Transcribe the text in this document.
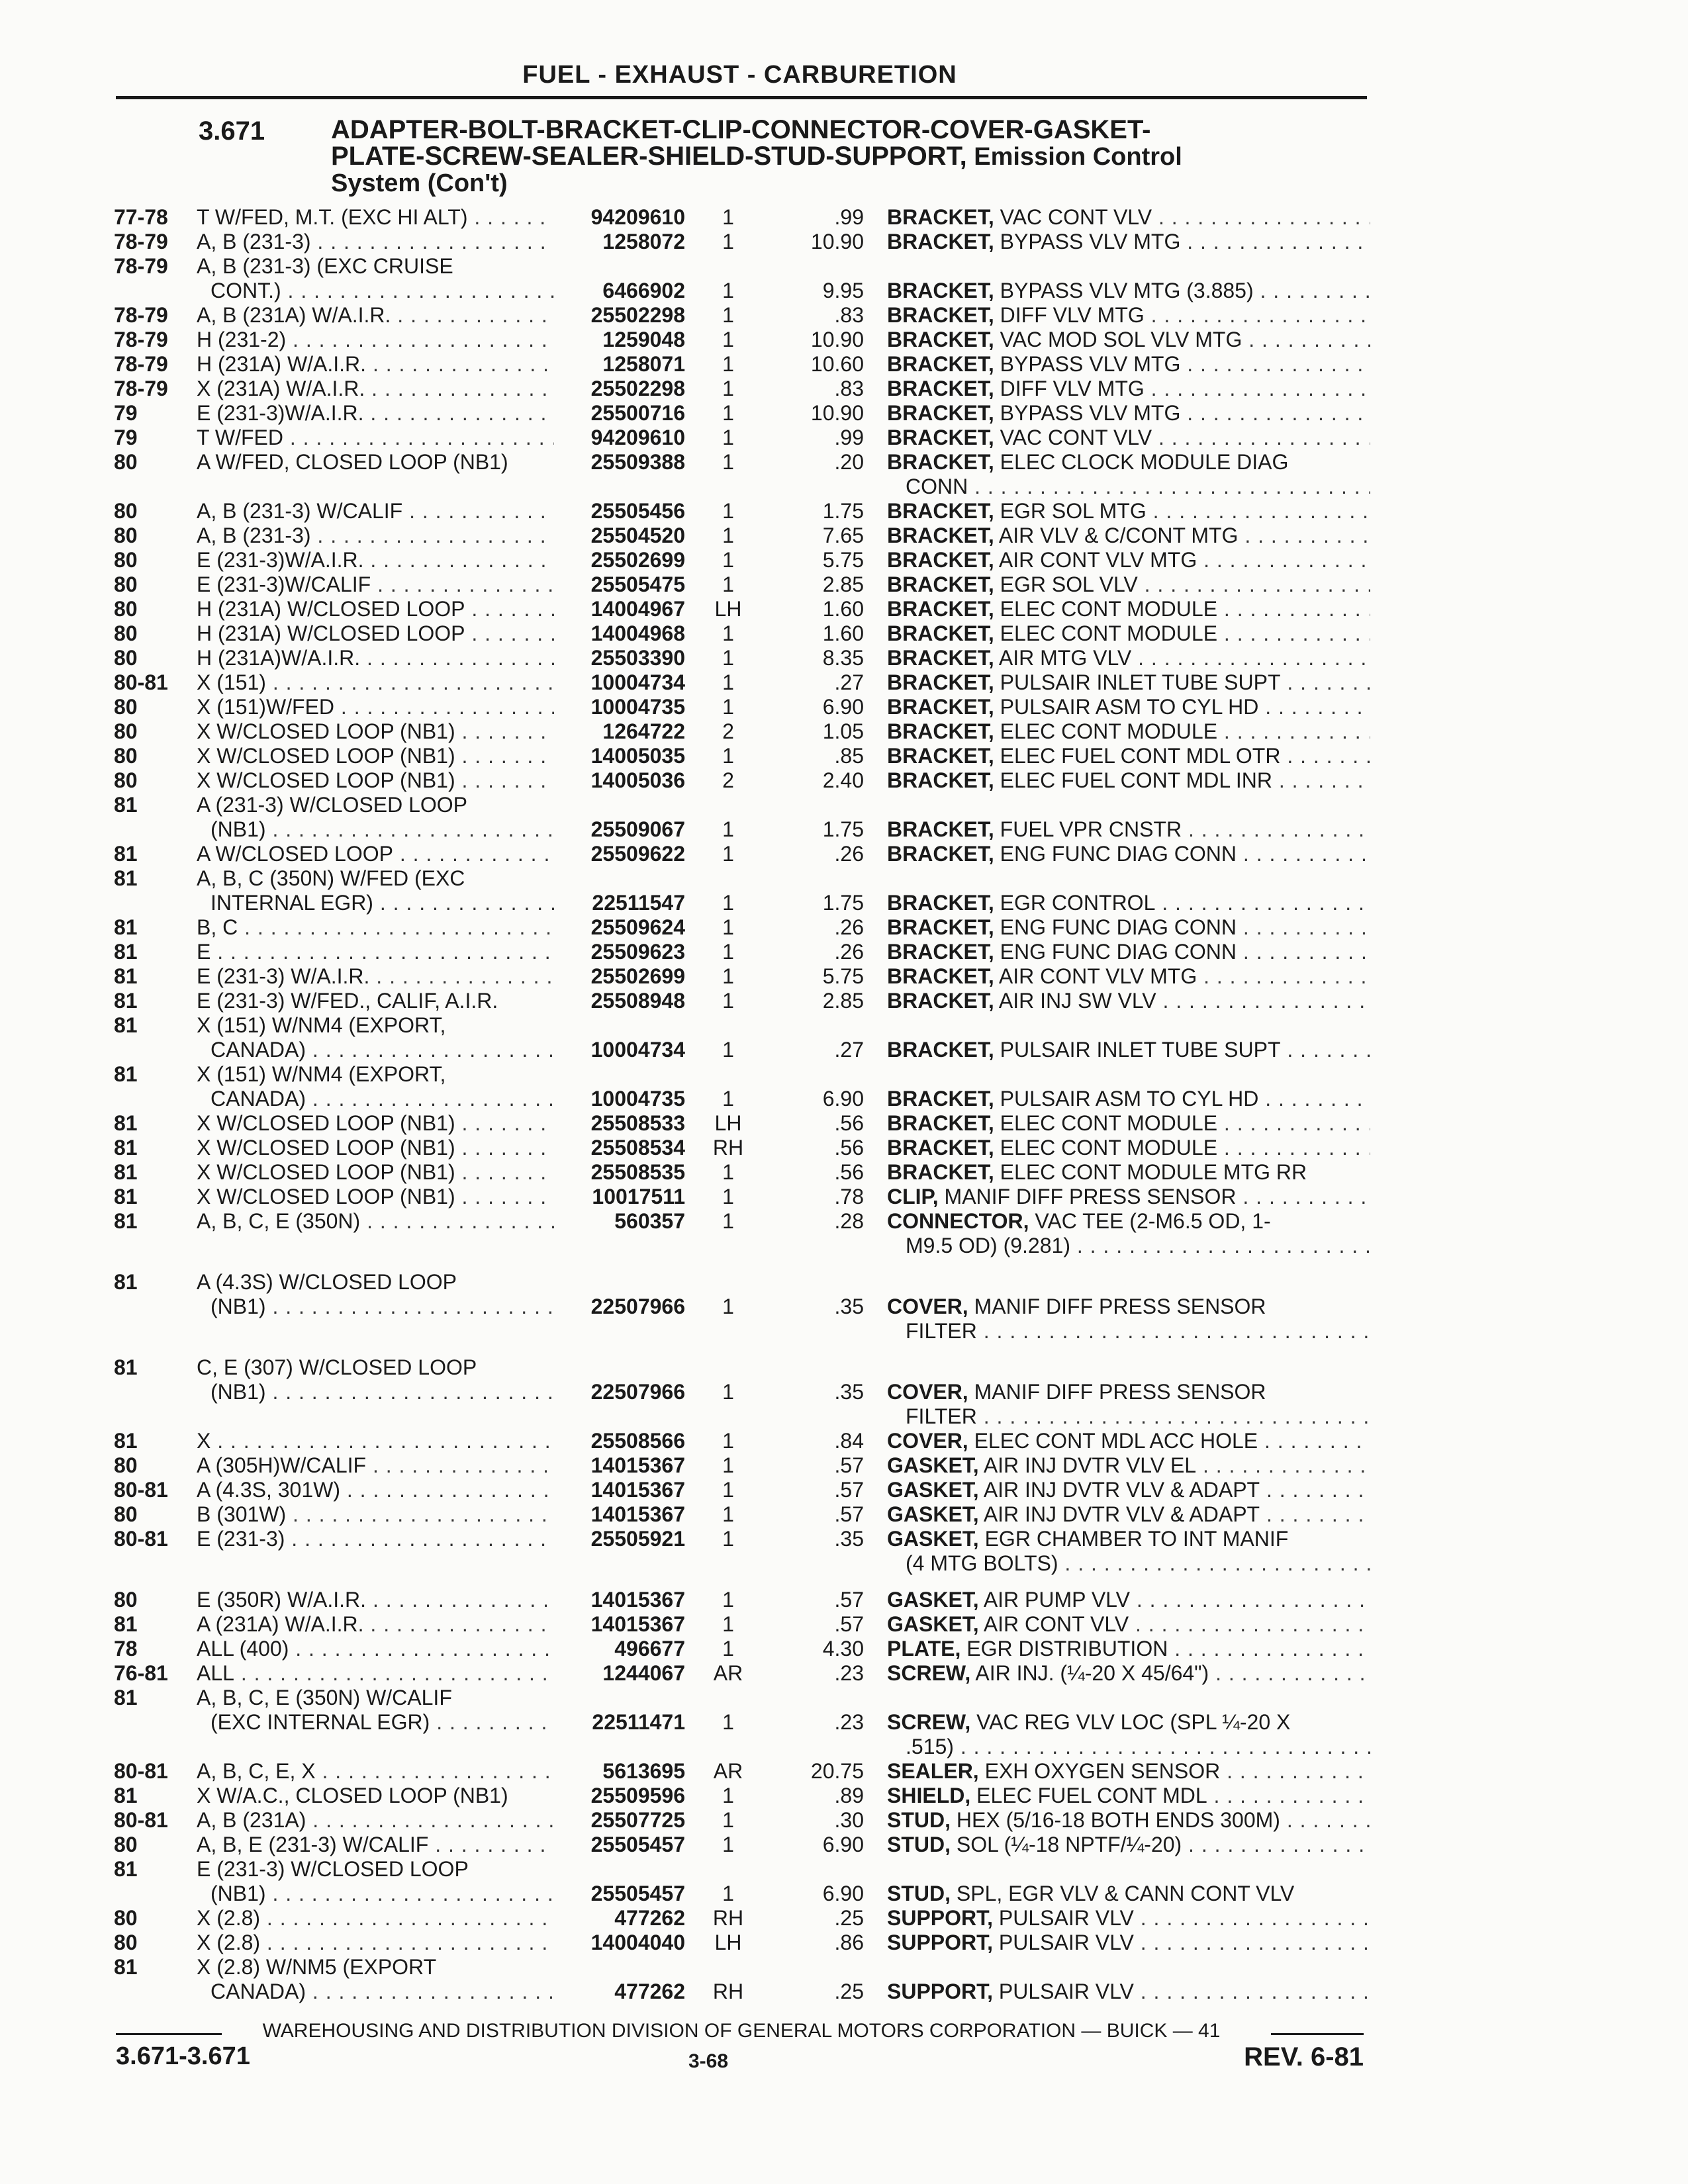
FUEL - EXHAUST - CARBURETION
3.671 ADAPTER-BOLT-BRACKET-CLIP-CONNECTOR-COVER-GASKET-
PLATE-SCREW-SEALER-SHIELD-STUD-SUPPORT, Emission Control
System (Con't)
77-78	T W/FED, M.T. (EXC HI ALT) . . .	94209610	1	.99 BRACKET, VAC CONT VLV . . .
78-79	A, B (231-3) . . .	1258072	1	10.90 BRACKET, BYPASS VLV MTG . . .
78-79	A, B (231-3) (EXC CRUISE
CONT.) . . .	6466902	1	9.95 BRACKET, BYPASS VLV MTG (3.885) . . .
78-79	A, B (231A) W/A.I.R. . . .	25502298	1	.83 BRACKET, DIFF VLV MTG . . .
78-79	H (231-2) . . .	1259048	1	10.90 BRACKET, VAC MOD SOL VLV MTG . . .
78-79	H (231A) W/A.I.R. . . .	1258071	1	10.60 BRACKET, BYPASS VLV MTG . . .
78-79	X (231A) W/A.I.R. . . .	25502298	1	.83 BRACKET, DIFF VLV MTG . . .
79	E (231-3)W/A.I.R. . . .	25500716	1	10.90 BRACKET, BYPASS VLV MTG . . .
79	T W/FED . . .	94209610	1	.99 BRACKET, VAC CONT VLV . . .
80	A W/FED, CLOSED LOOP (NB1)	25509388	1	.20 BRACKET, ELEC CLOCK MODULE DIAG
CONN . . .
80	A, B (231-3) W/CALIF . . .	25505456	1	1.75 BRACKET, EGR SOL MTG . . .
80	A, B (231-3) . . .	25504520	1	7.65 BRACKET, AIR VLV & C/CONT MTG . . .
80	E (231-3)W/A.I.R. . . .	25502699	1	5.75 BRACKET, AIR CONT VLV MTG . . .
80	E (231-3)W/CALIF . . .	25505475	1	2.85 BRACKET, EGR SOL VLV . . .
80	H (231A) W/CLOSED LOOP . . .	14004967	LH	1.60 BRACKET, ELEC CONT MODULE . . .
80	H (231A) W/CLOSED LOOP . . .	14004968	1	1.60 BRACKET, ELEC CONT MODULE . . .
80	H (231A)W/A.I.R. . . .	25503390	1	8.35 BRACKET, AIR MTG VLV . . .
80-81	X (151) . . .	10004734	1	.27 BRACKET, PULSAIR INLET TUBE SUPT . . .
80	X (151)W/FED . . .	10004735	1	6.90 BRACKET, PULSAIR ASM TO CYL HD . . .
80	X W/CLOSED LOOP (NB1) . . .	1264722	2	1.05 BRACKET, ELEC CONT MODULE . . .
80	X W/CLOSED LOOP (NB1) . . .	14005035	1	.85 BRACKET, ELEC FUEL CONT MDL OTR . . .
80	X W/CLOSED LOOP (NB1) . . .	14005036	2	2.40 BRACKET, ELEC FUEL CONT MDL INR . . .
81	A (231-3) W/CLOSED LOOP
(NB1) . . .	25509067	1	1.75 BRACKET, FUEL VPR CNSTR . . .
81	A W/CLOSED LOOP . . .	25509622	1	.26 BRACKET, ENG FUNC DIAG CONN . . .
81	A, B, C (350N) W/FED (EXC
INTERNAL EGR) . . .	22511547	1	1.75 BRACKET, EGR CONTROL . . .
81	B, C . . .	25509624	1	.26 BRACKET, ENG FUNC DIAG CONN . . .
81	E . . .	25509623	1	.26 BRACKET, ENG FUNC DIAG CONN . . .
81	E (231-3) W/A.I.R. . . .	25502699	1	5.75 BRACKET, AIR CONT VLV MTG . . .
81	E (231-3) W/FED., CALIF, A.I.R.	25508948	1	2.85 BRACKET, AIR INJ SW VLV . . .
81	X (151) W/NM4 (EXPORT,
CANADA) . . .	10004734	1	.27 BRACKET, PULSAIR INLET TUBE SUPT . . .
81	X (151) W/NM4 (EXPORT,
CANADA) . . .	10004735	1	6.90 BRACKET, PULSAIR ASM TO CYL HD . . .
81	X W/CLOSED LOOP (NB1) . . .	25508533	LH	.56 BRACKET, ELEC CONT MODULE . . .
81	X W/CLOSED LOOP (NB1) . . .	25508534	RH	.56 BRACKET, ELEC CONT MODULE . . .
81	X W/CLOSED LOOP (NB1) . . .	25508535	1	.56 BRACKET, ELEC CONT MODULE MTG RR
81	X W/CLOSED LOOP (NB1) . . .	10017511	1	.78 CLIP, MANIF DIFF PRESS SENSOR . . .
81	A, B, C, E (350N) . . .	560357	1	.28 CONNECTOR, VAC TEE (2-M6.5 OD, 1-
M9.5 OD) (9.281) . . .
81	A (4.3S) W/CLOSED LOOP
(NB1) . . .	22507966	1	.35 COVER, MANIF DIFF PRESS SENSOR
FILTER . . .
81	C, E (307) W/CLOSED LOOP
(NB1) . . .	22507966	1	.35 COVER, MANIF DIFF PRESS SENSOR
FILTER . . .
81	X . . .	25508566	1	.84 COVER, ELEC CONT MDL ACC HOLE . . .
80	A (305H)W/CALIF . . .	14015367	1	.57 GASKET, AIR INJ DVTR VLV EL . . .
80-81	A (4.3S, 301W) . . .	14015367	1	.57 GASKET, AIR INJ DVTR VLV & ADAPT . . .
80	B (301W) . . .	14015367	1	.57 GASKET, AIR INJ DVTR VLV & ADAPT . . .
80-81	E (231-3) . . .	25505921	1	.35 GASKET, EGR CHAMBER TO INT MANIF
(4 MTG BOLTS) . . .
80	E (350R) W/A.I.R. . . .	14015367	1	.57 GASKET, AIR PUMP VLV . . .
81	A (231A) W/A.I.R. . . .	14015367	1	.57 GASKET, AIR CONT VLV . . .
78	ALL (400) . . .	496677	1	4.30 PLATE, EGR DISTRIBUTION . . .
76-81	ALL . . .	1244067	AR	.23 SCREW, AIR INJ. (¼-20 X 45/64") . . .
81	A, B, C, E (350N) W/CALIF
(EXC INTERNAL EGR) . . .	22511471	1	.23 SCREW, VAC REG VLV LOC (SPL ¼-20 X
.515) . . .
80-81	A, B, C, E, X . . .	5613695	AR	20.75 SEALER, EXH OXYGEN SENSOR . . .
81	X W/A.C., CLOSED LOOP (NB1)	25509596	1	.89 SHIELD, ELEC FUEL CONT MDL . . .
80-81	A, B (231A) . . .	25507725	1	.30 STUD, HEX (5/16-18 BOTH ENDS 300M) . . .
80	A, B, E (231-3) W/CALIF . . .	25505457	1	6.90 STUD, SOL (¼-18 NPTF/¼-20) . . .
81	E (231-3) W/CLOSED LOOP
(NB1) . . .	25505457	1	6.90 STUD, SPL, EGR VLV & CANN CONT VLV
80	X (2.8) . . .	477262	RH	.25 SUPPORT, PULSAIR VLV . . .
80	X (2.8) . . .	14004040	LH	.86 SUPPORT, PULSAIR VLV . . .
81	X (2.8) W/NM5 (EXPORT
CANADA) . . .	477262	RH	.25 SUPPORT, PULSAIR VLV . . .
WAREHOUSING AND DISTRIBUTION DIVISION OF GENERAL MOTORS CORPORATION — BUICK — 41
3.671-3.671	3-68	REV. 6-81
